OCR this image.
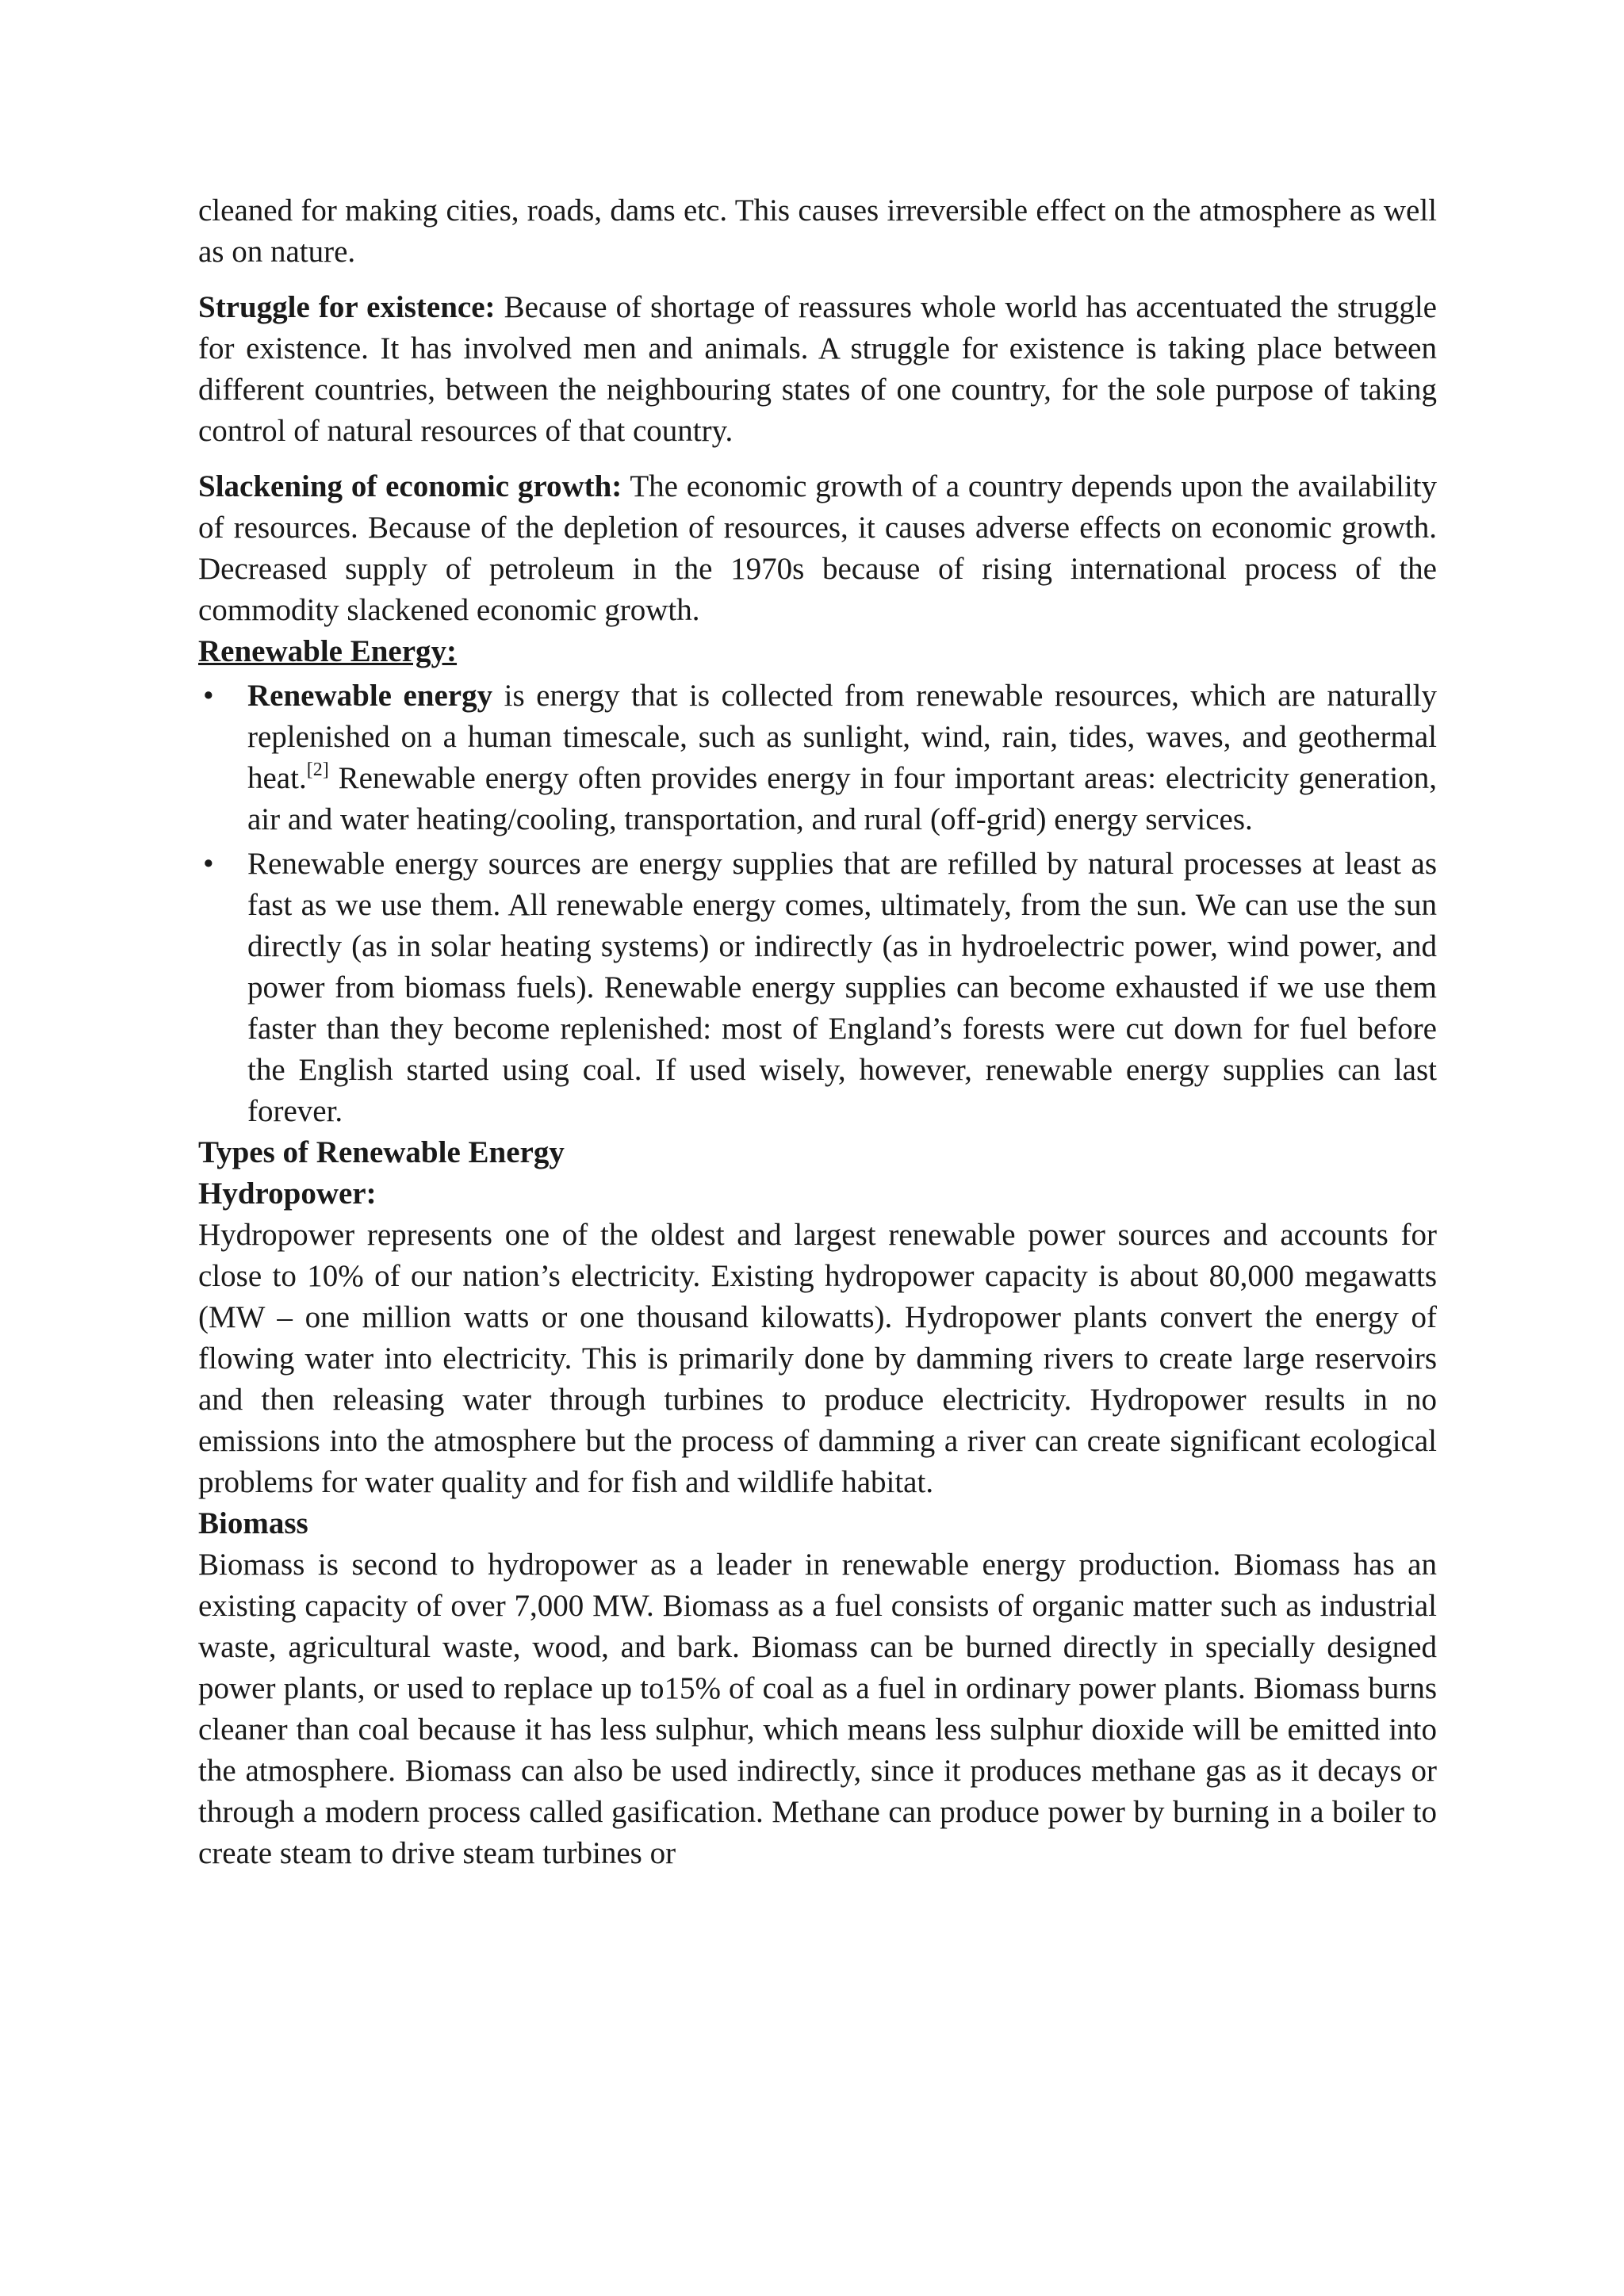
cleaned for making cities, roads, dams etc. This causes irreversible effect on the atmosphere as well as on nature.

Struggle for existence: Because of shortage of reassures whole world has accentuated the struggle for existence. It has involved men and animals. A struggle for existence is taking place between different countries, between the neighbouring states of one country, for the sole purpose of taking control of natural resources of that country.

Slackening of economic growth: The economic growth of a country depends upon the availability of resources. Because of the depletion of resources, it causes adverse effects on economic growth. Decreased supply of petroleum in the 1970s because of rising international process of the commodity slackened economic growth.

Renewable Energy:

• Renewable energy is energy that is collected from renewable resources, which are naturally replenished on a human timescale, such as sunlight, wind, rain, tides, waves, and geothermal heat.[2] Renewable energy often provides energy in four important areas: electricity generation, air and water heating/cooling, transportation, and rural (off-grid) energy services.
• Renewable energy sources are energy supplies that are refilled by natural processes at least as fast as we use them. All renewable energy comes, ultimately, from the sun. We can use the sun directly (as in solar heating systems) or indirectly (as in hydroelectric power, wind power, and power from biomass fuels). Renewable energy supplies can become exhausted if we use them faster than they become replenished: most of England’s forests were cut down for fuel before the English started using coal. If used wisely, however, renewable energy supplies can last forever.

Types of Renewable Energy

Hydropower:

Hydropower represents one of the oldest and largest renewable power sources and accounts for close to 10% of our nation’s electricity. Existing hydropower capacity is about 80,000 megawatts (MW – one million watts or one thousand kilowatts). Hydropower plants convert the energy of flowing water into electricity. This is primarily done by damming rivers to create large reservoirs and then releasing water through turbines to produce electricity. Hydropower results in no emissions into the atmosphere but the process of damming a river can create significant ecological problems for water quality and for fish and wildlife habitat.

Biomass

Biomass is second to hydropower as a leader in renewable energy production. Biomass has an existing capacity of over 7,000 MW. Biomass as a fuel consists of organic matter such as industrial waste, agricultural waste, wood, and bark. Biomass can be burned directly in specially designed power plants, or used to replace up to15% of coal as a fuel in ordinary power plants. Biomass burns cleaner than coal because it has less sulphur, which means less sulphur dioxide will be emitted into the atmosphere. Biomass can also be used indirectly, since it produces methane gas as it decays or through a modern process called gasification. Methane can produce power by burning in a boiler to create steam to drive steam turbines or
